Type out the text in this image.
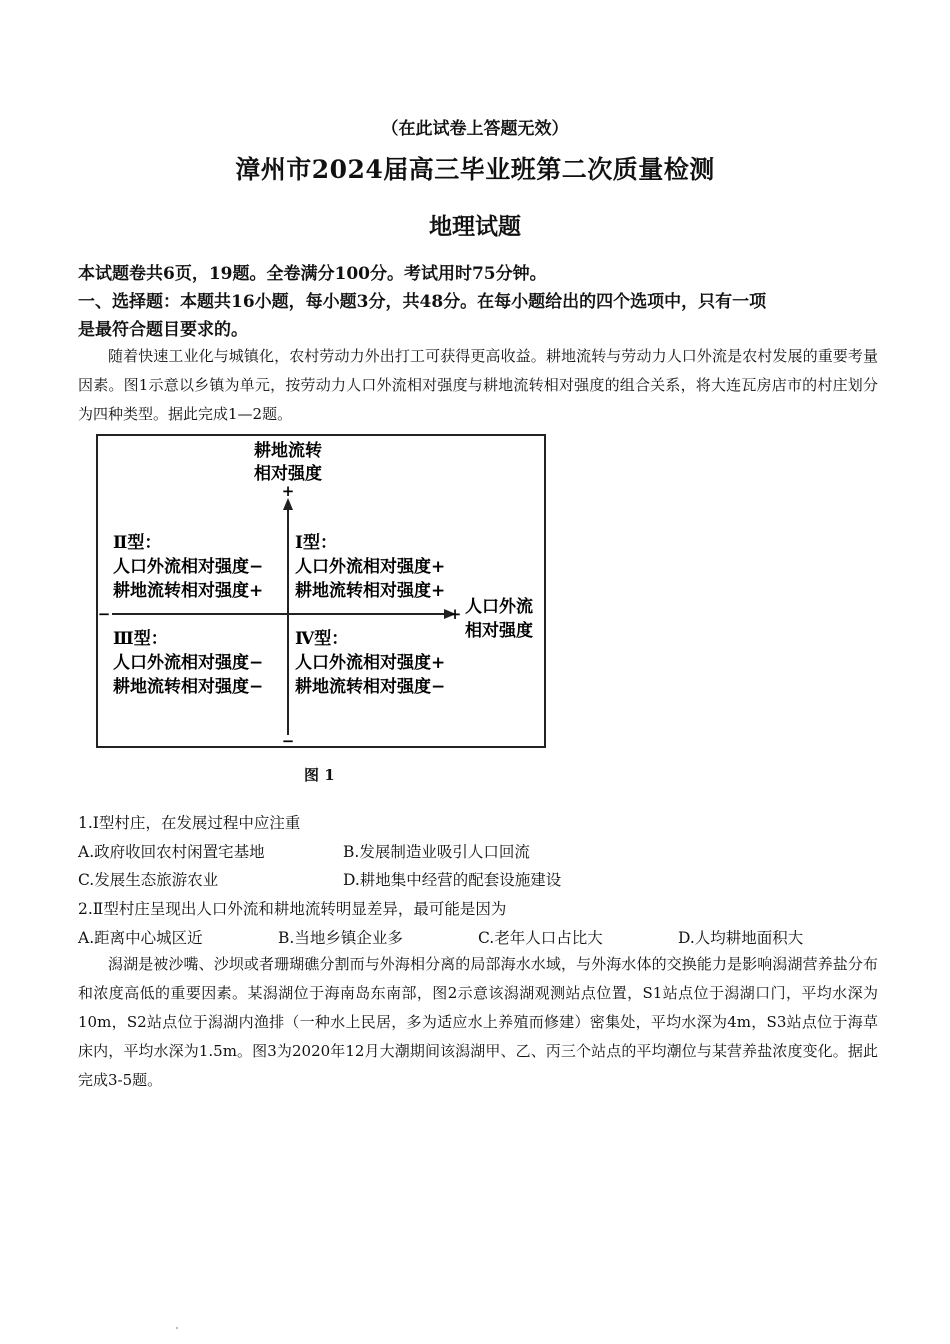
（在此试卷上答题无效）
漳州市2024届高三毕业班第二次质量检测
地理试题
本试题卷共6页，19题。全卷满分100分。考试用时75分钟。
一、选择题：本题共16小题，每小题3分，共48分。在每小题给出的四个选项中，只有一项
是最符合题目要求的。
随着快速工业化与城镇化，农村劳动力外出打工可获得更高收益。耕地流转与劳动力人口外流是农村发展的重要考量因素。图1示意以乡镇为单元，按劳动力人口外流相对强度与耕地流转相对强度的组合关系，将大连瓦房店市的村庄划分为四种类型。据此完成1—2题。
耕地流转
相对强度
+
−
−	+ 人口外流
相对强度
Ⅱ型：
人口外流相对强度−
耕地流转相对强度+
Ⅰ型：
人口外流相对强度+
耕地流转相对强度+
Ⅲ型：
人口外流相对强度−
耕地流转相对强度−
Ⅳ型：
人口外流相对强度+
耕地流转相对强度−
图 1
1.Ⅰ型村庄，在发展过程中应注重
A.政府收回农村闲置宅基地	B.发展制造业吸引人口回流
C.发展生态旅游农业	D.耕地集中经营的配套设施建设
2.Ⅱ型村庄呈现出人口外流和耕地流转明显差异，最可能是因为
A.距离中心城区近	B.当地乡镇企业多	C.老年人口占比大	D.人均耕地面积大
潟湖是被沙嘴、沙坝或者珊瑚礁分割而与外海相分离的局部海水水域，与外海水体的交换能力是影响潟湖营养盐分布和浓度高低的重要因素。某潟湖位于海南岛东南部，图2示意该潟湖观测站点位置，S1站点位于潟湖口门，平均水深为10m，S2站点位于潟湖内渔排（一种水上民居，多为适应水上养殖而修建）密集处，平均水深为4m，S3站点位于海草床内，平均水深为1.5m。图3为2020年12月大潮期间该潟湖甲、乙、丙三个站点的平均潮位与某营养盐浓度变化。据此完成3-5题。
